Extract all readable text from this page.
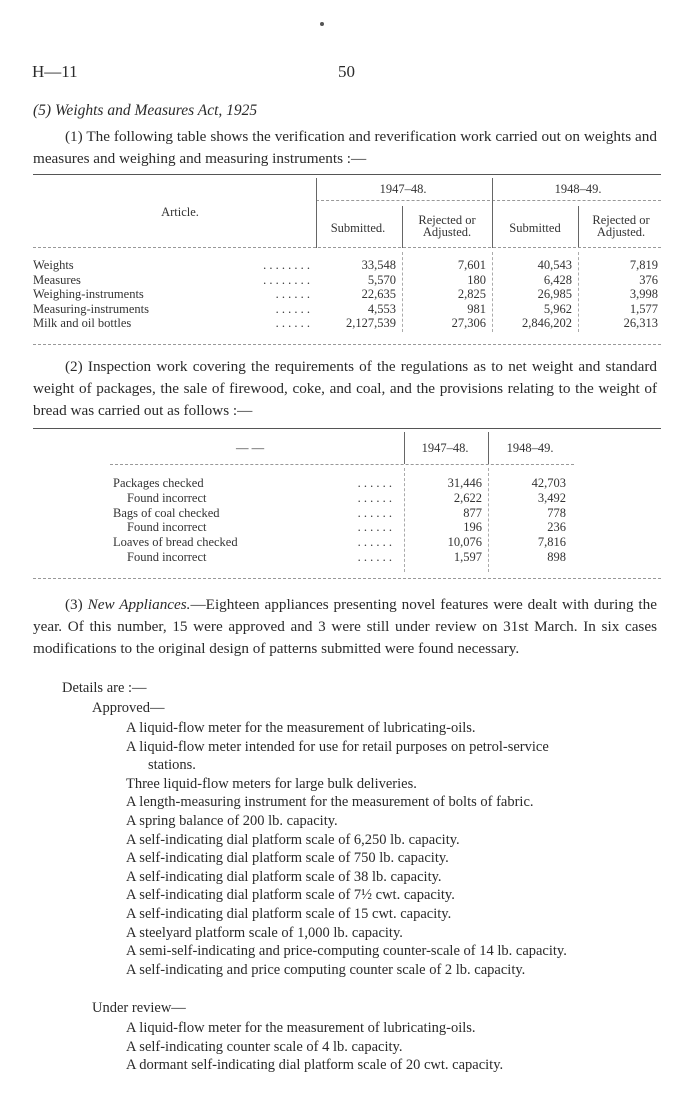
H—11	50
(5) Weights and Measures Act, 1925
(1) The following table shows the verification and reverification work carried out on weights and measures and weighing and measuring instruments :—
Article.
1947–48.	1948–49.
Submitted.
Rejected or Adjusted.	Submitted
Rejected or Adjusted.
Weights	. . . . . . . .	33,548	7,601	40,543	7,819
Measures	. . . . . . . .	5,570	180	6,428	376
Weighing-instruments	. . . . . .	22,635	2,825	26,985	3,998
Measuring-instruments	. . . . . .	4,553	981	5,962	1,577
Milk and oil bottles	. . . . . .	2,127,539	27,306	2,846,202	26,313
(2) Inspection work covering the requirements of the regulations as to net weight and standard weight of packages, the sale of firewood, coke, and coal, and the provisions relating to the weight of bread was carried out as follows :—
— —	1947–48.	1948–49.
Packages checked	. . . . . .	31,446	42,703
Found incorrect	. . . . . .	2,622	3,492
Bags of coal checked	. . . . . .	877	778
Found incorrect	. . . . . .	196	236
Loaves of bread checked	. . . . . .	10,076	7,816
Found incorrect	. . . . . .	1,597	898
(3) New Appliances.—Eighteen appliances presenting novel features were dealt with during the year. Of this number, 15 were approved and 3 were still under review on 31st March. In six cases modifications to the original design of patterns submitted were found necessary.
Details are :—
Approved—
A liquid-flow meter for the measurement of lubricating-oils.
A liquid-flow meter intended for use for retail purposes on petrol-service
stations.
Three liquid-flow meters for large bulk deliveries.
A length-measuring instrument for the measurement of bolts of fabric.
A spring balance of 200 lb. capacity.
A self-indicating dial platform scale of 6,250 lb. capacity.
A self-indicating dial platform scale of 750 lb. capacity.
A self-indicating dial platform scale of 38 lb. capacity.
A self-indicating dial platform scale of 7½ cwt. capacity.
A self-indicating dial platform scale of 15 cwt. capacity.
A steelyard platform scale of 1,000 lb. capacity.
A semi-self-indicating and price-computing counter-scale of 14 lb. capacity.
A self-indicating and price computing counter scale of 2 lb. capacity.
Under review—
A liquid-flow meter for the measurement of lubricating-oils.
A self-indicating counter scale of 4 lb. capacity.
A dormant self-indicating dial platform scale of 20 cwt. capacity.
